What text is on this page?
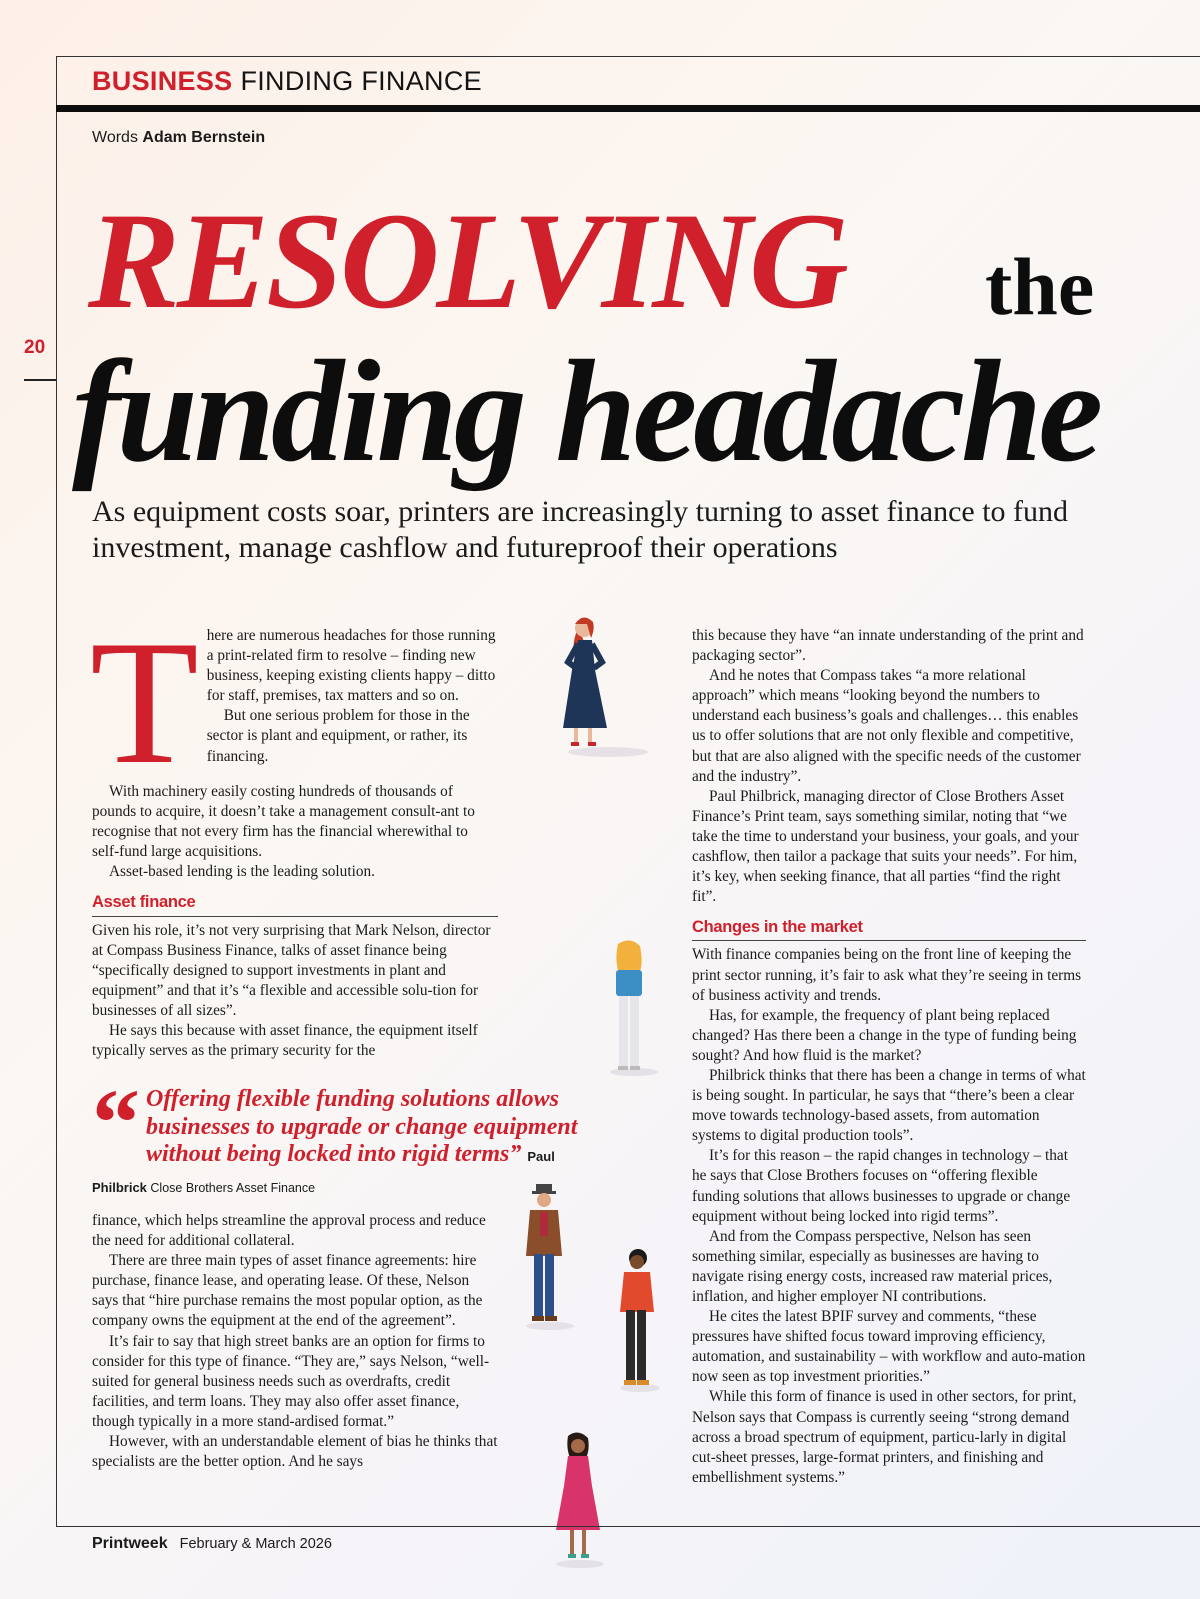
BUSINESS FINDING FINANCE
Words Adam Bernstein
20
RESOLVING the
funding headache
As equipment costs soar, printers are increasingly turning to asset finance to fund investment, manage cashflow and futureproof their operations
T here are numerous headaches for those running a print-related firm to resolve – finding new business, keeping existing clients happy – ditto for staff, premises, tax matters and so on.

But one serious problem for those in the sector is plant and equipment, or rather, its financing.

With machinery easily costing hundreds of thousands of pounds to acquire, it doesn’t take a management consult-ant to recognise that not every firm has the financial wherewithal to self-fund large acquisitions.

Asset-based lending is the leading solution.

Asset finance

Given his role, it’s not very surprising that Mark Nelson, director at Compass Business Finance, talks of asset finance being “specifically designed to support investments in plant and equipment” and that it’s “a flexible and accessible solu-tion for businesses of all sizes”.

He says this because with asset finance, the equipment itself typically serves as the primary security for the

“ Offering flexible funding solutions allows businesses to upgrade or change equipment without being locked into rigid terms” Paul Philbrick Close Brothers Asset Finance

finance, which helps streamline the approval process and reduce the need for additional collateral.

There are three main types of asset finance agreements: hire purchase, finance lease, and operating lease. Of these, Nelson says that “hire purchase remains the most popular option, as the company owns the equipment at the end of the agreement”.

It’s fair to say that high street banks are an option for firms to consider for this type of finance. “They are,” says Nelson, “well-suited for general business needs such as overdrafts, credit facilities, and term loans. They may also offer asset finance, though typically in a more stand-ardised format.”

However, with an understandable element of bias he thinks that specialists are the better option. And he says

this because they have “an innate understanding of the print and packaging sector”.

And he notes that Compass takes “a more relational approach” which means “looking beyond the numbers to understand each business’s goals and challenges… this enables us to offer solutions that are not only flexible and competitive, but that are also aligned with the specific needs of the customer and the industry”.

Paul Philbrick, managing director of Close Brothers Asset Finance’s Print team, says something similar, noting that “we take the time to understand your business, your goals, and your cashflow, then tailor a package that suits your needs”. For him, it’s key, when seeking finance, that all parties “find the right fit”.

Changes in the market

With finance companies being on the front line of keeping the print sector running, it’s fair to ask what they’re seeing in terms of business activity and trends.

Has, for example, the frequency of plant being replaced changed? Has there been a change in the type of funding being sought? And how fluid is the market?

Philbrick thinks that there has been a change in terms of what is being sought. In particular, he says that “there’s been a clear move towards technology-based assets, from automation systems to digital production tools”.

It’s for this reason – the rapid changes in technology – that he says that Close Brothers focuses on “offering flexible funding solutions that allows businesses to upgrade or change equipment without being locked into rigid terms”.

And from the Compass perspective, Nelson has seen something similar, especially as businesses are having to navigate rising energy costs, increased raw material prices, inflation, and higher employer NI contributions.

He cites the latest BPIF survey and comments, “these pressures have shifted focus toward improving efficiency, automation, and sustainability – with workflow and auto-mation now seen as top investment priorities.”

While this form of finance is used in other sectors, for print, Nelson says that Compass is currently seeing “strong demand across a broad spectrum of equipment, particu-larly in digital cut-sheet presses, large-format printers, and finishing and embellishment systems.”

Printweek February & March 2026
